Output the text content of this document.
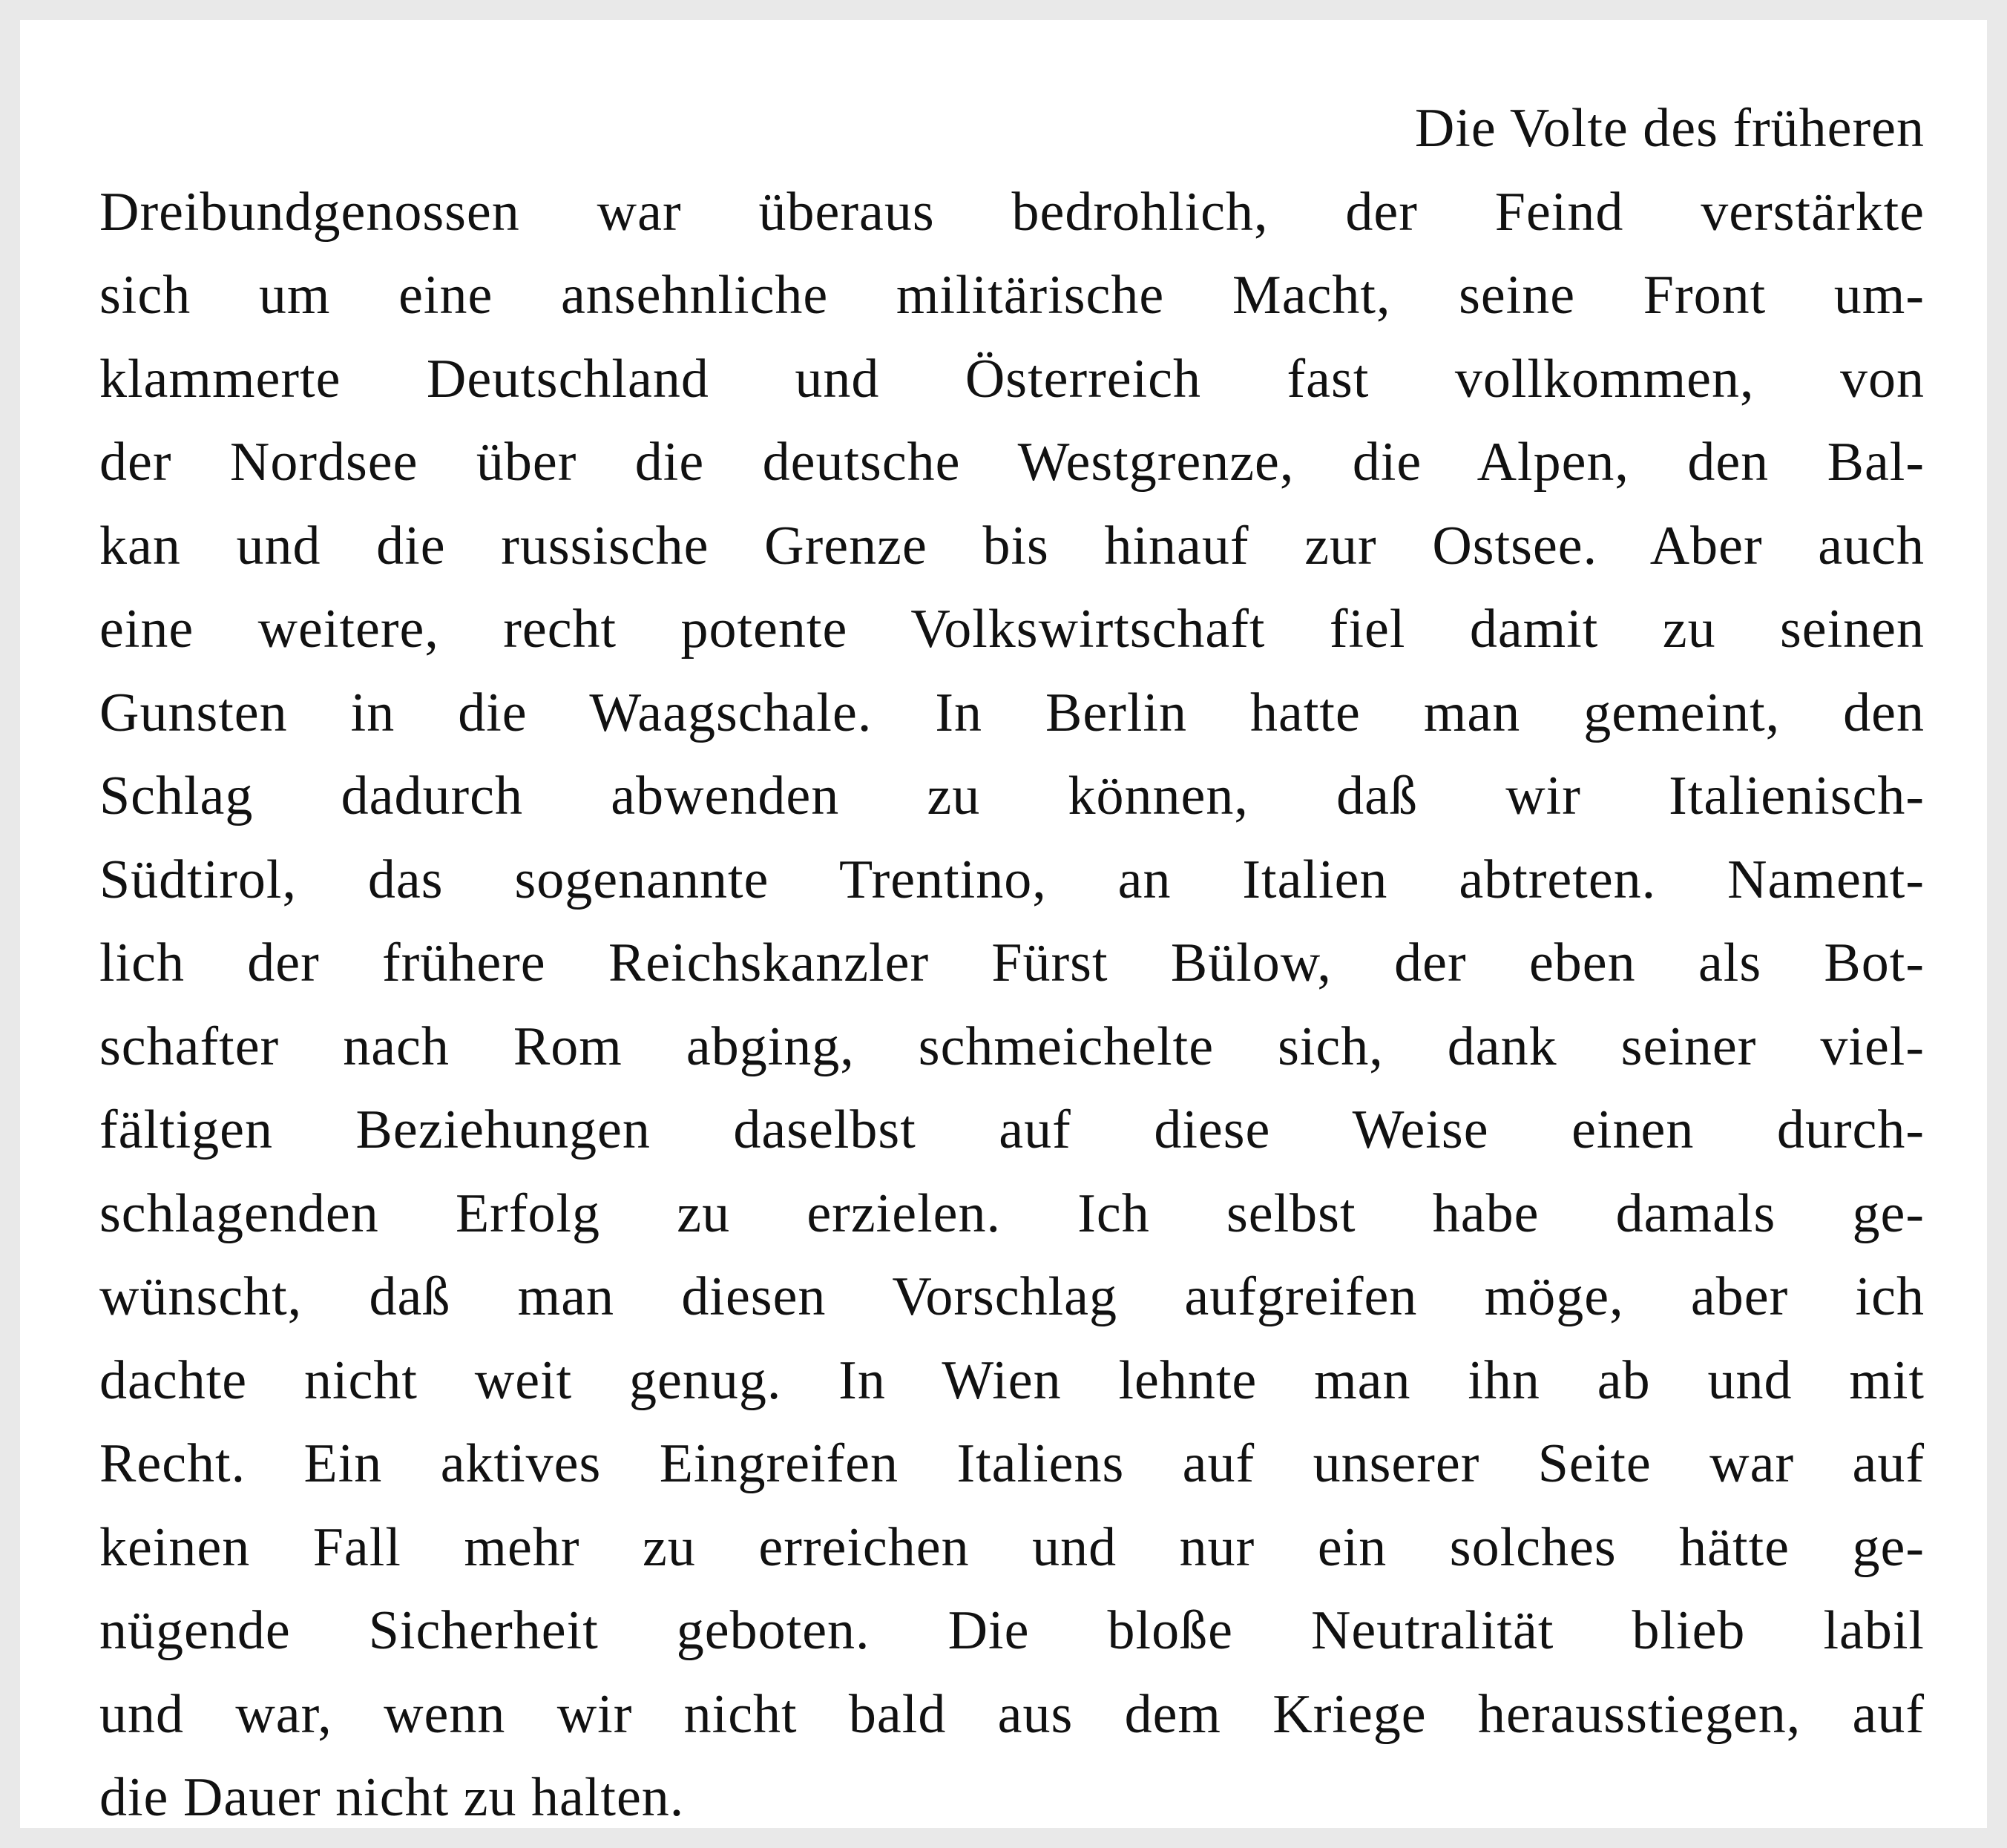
Die Volte des früheren
Dreibundgenossen war überaus bedrohlich, der Feind verstärkte
sich um eine ansehnliche militärische Macht, seine Front um-
klammerte Deutschland und Österreich fast vollkommen, von
der Nordsee über die deutsche Westgrenze, die Alpen, den Bal-
kan und die russische Grenze bis hinauf zur Ostsee. Aber auch
eine weitere, recht potente Volkswirtschaft fiel damit zu seinen
Gunsten in die Waagschale. In Berlin hatte man gemeint, den
Schlag dadurch abwenden zu können, daß wir Italienisch-
Südtirol, das sogenannte Trentino, an Italien abtreten. Nament-
lich der frühere Reichskanzler Fürst Bülow, der eben als Bot-
schafter nach Rom abging, schmeichelte sich, dank seiner viel-
fältigen Beziehungen daselbst auf diese Weise einen durch-
schlagenden Erfolg zu erzielen. Ich selbst habe damals ge-
wünscht, daß man diesen Vorschlag aufgreifen möge, aber ich
dachte nicht weit genug. In Wien lehnte man ihn ab und mit
Recht. Ein aktives Eingreifen Italiens auf unserer Seite war auf
keinen Fall mehr zu erreichen und nur ein solches hätte ge-
nügende Sicherheit geboten. Die bloße Neutralität blieb labil
und war, wenn wir nicht bald aus dem Kriege herausstiegen, auf
die Dauer nicht zu halten.
